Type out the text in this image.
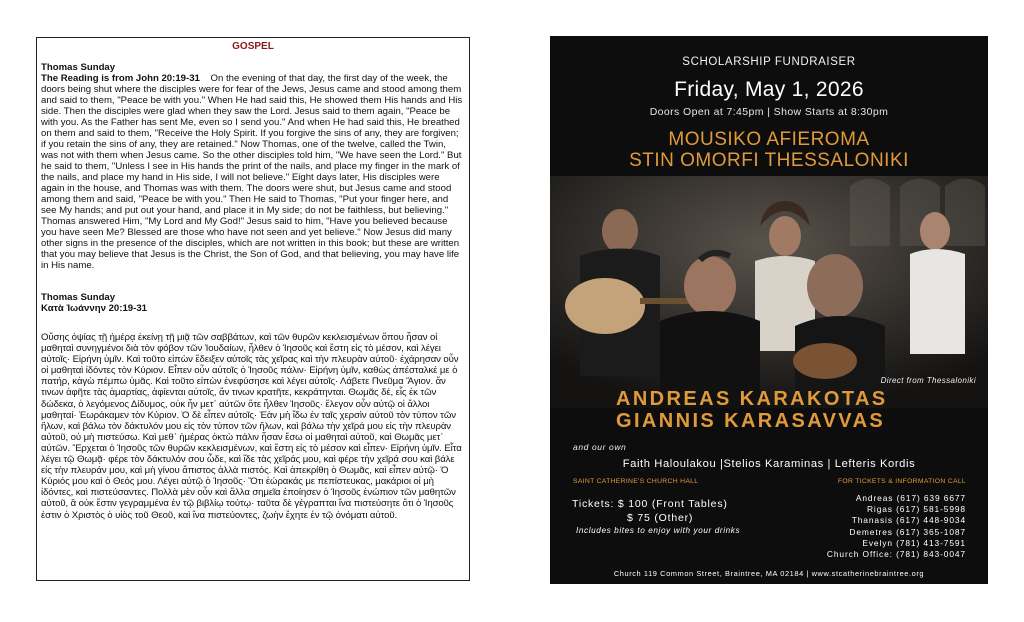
GOSPEL
Thomas Sunday

The Reading is from John 20:19-31 On the evening of that day, the first day of the week, the doors being shut where the disciples were for fear of the Jews, Jesus came and stood among them and said to them, "Peace be with you." When He had said this, He showed them His hands and His side. Then the disciples were glad when they saw the Lord. Jesus said to them again, "Peace be with you. As the Father has sent Me, even so I send you." And when He had said this, He breathed on them and said to them, "Receive the Holy Spirit. If you forgive the sins of any, they are forgiven; if you retain the sins of any, they are retained." Now Thomas, one of the twelve, called the Twin, was not with them when Jesus came. So the other disciples told him, "We have seen the Lord." But he said to them, "Unless I see in His hands the print of the nails, and place my finger in the mark of the nails, and place my hand in His side, I will not believe." Eight days later, His disciples were again in the house, and Thomas was with them. The doors were shut, but Jesus came and stood among them and said, "Peace be with you." Then He said to Thomas, "Put your finger here, and see My hands; and put out your hand, and place it in My side; do not be faithless, but believing." Thomas answered Him, "My Lord and My God!" Jesus said to him, "Have you believed because you have seen Me? Blessed are those who have not seen and yet believe." Now Jesus did many other signs in the presence of the disciples, which are not written in this book; but these are written that you may believe that Jesus is the Christ, the Son of God, and that believing, you may have life in His name.

Thomas Sunday
Κατὰ Ἰωάννην 20:19-31

Οὔσης ὀψίας τῇ ἡμέρᾳ ἐκείνῃ τῇ μιᾷ τῶν σαββάτων, καὶ τῶν θυρῶν κεκλεισμένων ὅπου ἦσαν οἱ μαθηταὶ συνηγμένοι διὰ τὸν φόβον τῶν Ἰουδαίων, ἦλθεν ὁ Ἰησοῦς καὶ ἔστη εἰς τὸ μέσον, καὶ λέγει αὐτοῖς· Εἰρήνη ὑμῖν. Καὶ τοῦτο εἰπὼν ἔδειξεν αὐτοῖς τὰς χεῖρας καὶ τὴν πλευρὰν αὐτοῦ· ἐχάρησαν οὖν οἱ μαθηταὶ ἰδόντες τὸν Κύριον. Εἶπεν οὖν αὐτοῖς ὁ Ἰησοῦς πάλιν· Εἰρήνη ὑμῖν, καθὼς ἀπέσταλκέ με ὁ πατήρ, κἀγὼ πέμπω ὑμᾶς. Καὶ τοῦτο εἰπὼν ἐνεφύσησε καὶ λέγει αὐτοῖς· Λάβετε Πνεῦμα Ἅγιον. ἄν τινων ἀφῆτε τὰς ἁμαρτίας, ἀφίενται αὐτοῖς, ἄν τινων κρατῆτε, κεκράτηνται. Θωμᾶς δέ, εἷς ἐκ τῶν δώδεκα, ὁ λεγόμενος Δίδυμος, οὐκ ἦν μετ᾽ αὐτῶν ὅτε ἦλθεν Ἰησοῦς· ἔλεγον οὖν αὐτῷ οἱ ἄλλοι μαθηταί· Ἑωράκαμεν τὸν Κύριον. Ὁ δὲ εἶπεν αὐτοῖς· Ἐὰν μὴ ἴδω ἐν ταῖς χερσὶν αὐτοῦ τὸν τύπον τῶν ἥλων, καὶ βάλω τὸν δάκτυλόν μου εἰς τὸν τύπον τῶν ἥλων, καὶ βάλω τὴν χεῖρά μου εἰς τὴν πλευρὰν αὐτοῦ, οὐ μὴ πιστεύσω. Καὶ μεθ᾽ ἡμέρας ὀκτὼ πάλιν ἦσαν ἔσω οἱ μαθηταὶ αὐτοῦ, καὶ Θωμᾶς μετ᾽ αὐτῶν. Ἔρχεται ὁ Ἰησοῦς τῶν θυρῶν κεκλεισμένων, καὶ ἔστη εἰς τὸ μέσον καὶ εἶπεν· Εἰρήνη ὑμῖν. Εἶτα λέγει τῷ Θωμᾷ· φέρε τὸν δάκτυλόν σου ὧδε, καὶ ἴδε τὰς χεῖράς μου, καὶ φέρε τὴν χεῖρά σου καὶ βάλε εἰς τὴν πλευράν μου, καὶ μὴ γίνου ἄπιστος ἀλλὰ πιστός. Καὶ ἀπεκρίθη ὁ Θωμᾶς, καὶ εἶπεν αὐτῷ· Ὁ Κύριός μου καὶ ὁ Θεός μου. Λέγει αὐτῷ ὁ Ἰησοῦς· Ὅτι ἑώρακάς με πεπίστευκας, μακάριοι οἱ μὴ ἰδόντες, καὶ πιστεύσαντες. Πολλὰ μὲν οὖν καὶ ἄλλα σημεῖα ἐποίησεν ὁ Ἰησοῦς ἐνώπιον τῶν μαθητῶν αὐτοῦ, ἃ οὐκ ἔστιν γεγραμμένα ἐν τῷ βιβλίῳ τούτῳ· ταῦτα δὲ γέγραπται ἵνα πιστεύσητε ὅτι ὁ Ἰησοῦς ἐστιν ὁ Χριστὸς ὁ υἱὸς τοῦ Θεοῦ, καὶ ἵνα πιστεύοντες, ζωὴν ἔχητε ἐν τῷ ὀνόματι αὐτοῦ.

SCHOLARSHIP FUNDRAISER
Friday, May 1, 2026
Doors Open at 7:45pm | Show Starts at 8:30pm
MOUSIKO AFIEROMA
STIN OMORFI THESSALONIKI
Direct from Thessaloniki
ANDREAS KARAKOTAS
GIANNIS KARASAVVAS
and our own
Faith Haloulakou |Stelios Karaminas | Lefteris Kordis
SAINT CATHERINE'S CHURCH HALL	FOR TICKETS & INFORMATION CALL
Tickets: $ 100 (Front Tables)
$ 75 (Other)
Includes bites to enjoy with your drinks
Andreas (617) 639 6677
Rigas (617) 581-5998
Thanasis (617) 448-9034
Demetres (617) 365-1087
Evelyn (781) 413-7591
Church Office: (781) 843-0047
Church 119 Common Street, Braintree, MA 02184 | www.stcatherinebraintree.org
